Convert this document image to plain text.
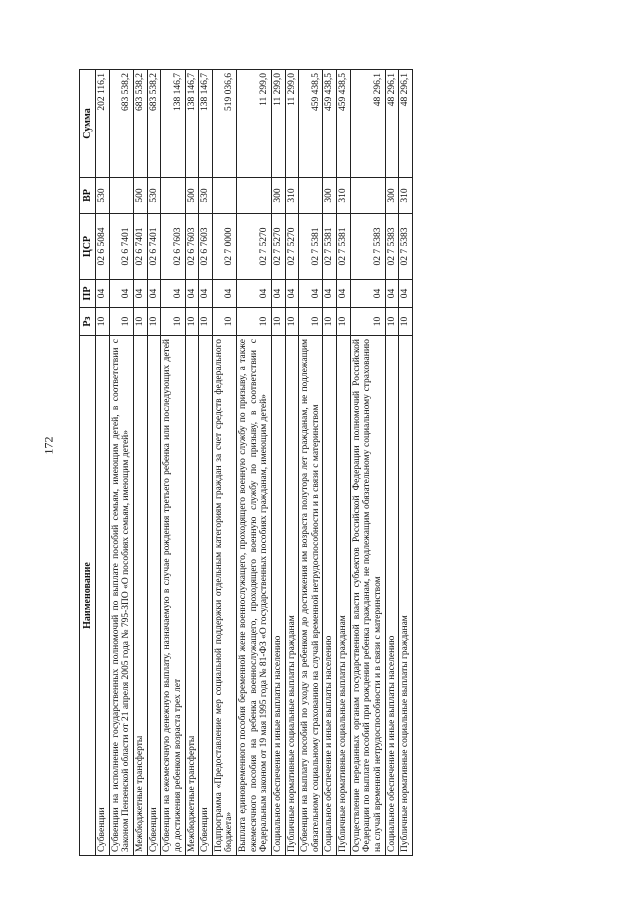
172
Наименование	Рз	ПР	ЦСР	ВР	Сумма
Субвенции	10	04	02 6 5084	530	202 116,1
Субвенции на исполнение государственных полномочий по выплате пособий семьям, имеющим детей, в соответствии с Законом Пензенской области от 21 апреля 2005 года № 795-ЗПО «О пособиях семьям, имеющим детей»	10	04	02 6 7401		683 538,2
Межбюджетные трансферты	10	04	02 6 7401	500	683 538,2
Субвенции	10	04	02 6 7401	530	683 538,2
Субвенции на ежемесячную денежную выплату, назначаемую в случае рождения третьего ребенка или последующих детей до достижения ребенком возраста трех лет	10	04	02 6 7603		138 146,7
Межбюджетные трансферты	10	04	02 6 7603	500	138 146,7
Субвенции	10	04	02 6 7603	530	138 146,7
Подпрограмма «Предоставление мер социальной поддержки отдельным категориям граждан за счет средств федерального бюджета»	10	04	02 7 0000		519 036,6
Выплата единовременного пособия беременной жене военнослужащего, проходящего военную службу по призыву, а также ежемесячного пособия на ребенка военнослужащего, проходящего военную службу по призыву, в соответствии с Федеральным законом от 19 мая 1995 года № 81-ФЗ «О государственных пособиях гражданам, имеющим детей»	10	04	02 7 5270		11 299,0
Социальное обеспечение и иные выплаты населению	10	04	02 7 5270	300	11 299,0
Публичные нормативные социальные выплаты гражданам	10	04	02 7 5270	310	11 299,0
Субвенции на выплату пособий по уходу за ребенком до достижения им возраста полутора лет гражданам, не подлежащим обязательному социальному страхованию на случай временной нетрудоспособности и в связи с материнством	10	04	02 7 5381		459 438,5
Социальное обеспечение и иные выплаты населению	10	04	02 7 5381	300	459 438,5
Публичные нормативные социальные выплаты гражданам	10	04	02 7 5381	310	459 438,5
Осуществление переданных органам государственной власти субъектов Российской Федерации полномочий Российской Федерации по выплате пособий при рождении ребенка гражданам, не подлежащим обязательному социальному страхованию на случай временной нетрудоспособности и в связи с материнством	10	04	02 7 5383		48 296,1
Социальное обеспечение и иные выплаты населению	10	04	02 7 5383	300	48 296,1
Публичные нормативные социальные выплаты гражданам	10	04	02 7 5383	310	48 296,1
